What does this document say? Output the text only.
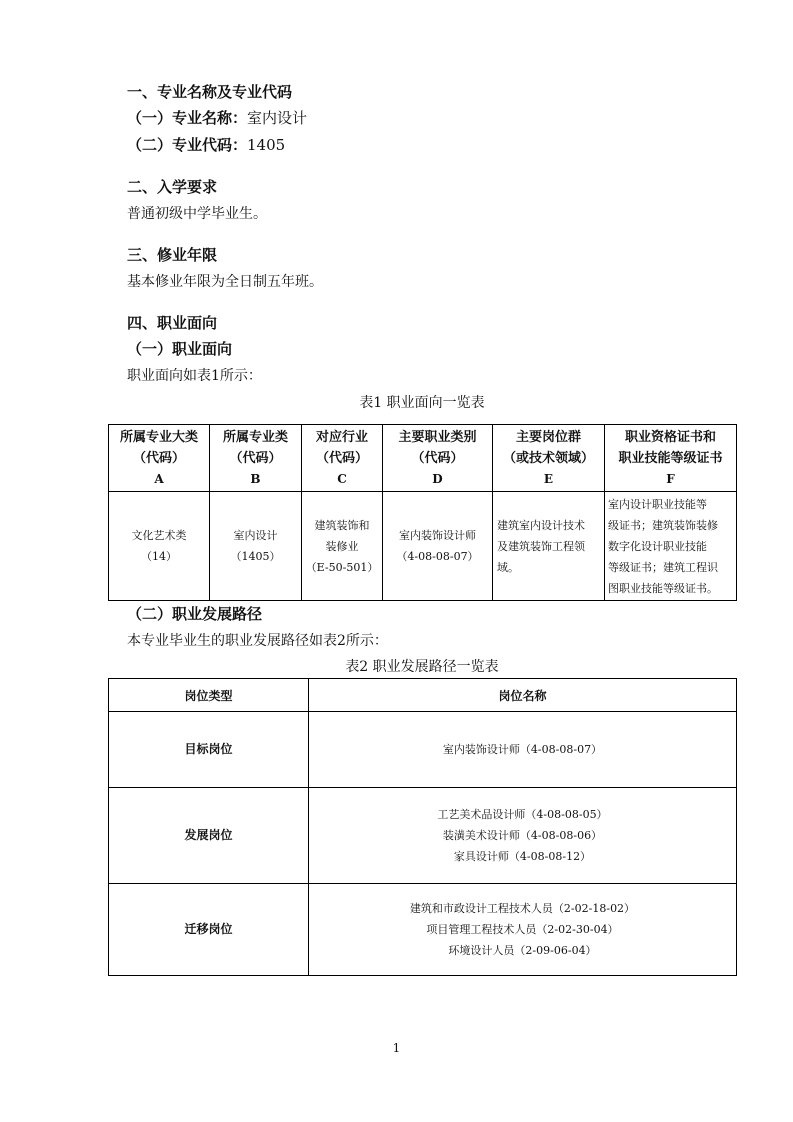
一、专业名称及专业代码
（一）专业名称：室内设计
（二）专业代码：1405
二、入学要求
普通初级中学毕业生。
三、修业年限
基本修业年限为全日制五年班。
四、职业面向
（一）职业面向
职业面向如表1所示：
表1 职业面向一览表
所属专业大类
（代码）
A	所属专业类
（代码）
B	对应行业
（代码）
C	主要职业类别
（代码）
D	主要岗位群
（或技术领域）
E	职业资格证书和
职业技能等级证书
F

文化艺术类
（14）	室内设计
（1405）	建筑装饰和
装修业
（E-50-501）	室内装饰设计师
（4-08-08-07）	建筑室内设计技术
及建筑装饰工程领
域。	室内设计职业技能等
级证书；建筑装饰装修
数字化设计职业技能
等级证书；建筑工程识
图职业技能等级证书。
（二）职业发展路径
本专业毕业生的职业发展路径如表2所示：
表2 职业发展路径一览表
岗位类型	岗位名称
目标岗位	室内装饰设计师（4-08-08-07）

发展岗位	工艺美术品设计师（4-08-08-05）
装潢美术设计师（4-08-08-06）
家具设计师（4-08-08-12）

迁移岗位	建筑和市政设计工程技术人员（2-02-18-02）
项目管理工程技术人员（2-02-30-04）
环境设计人员（2-09-06-04）
1
